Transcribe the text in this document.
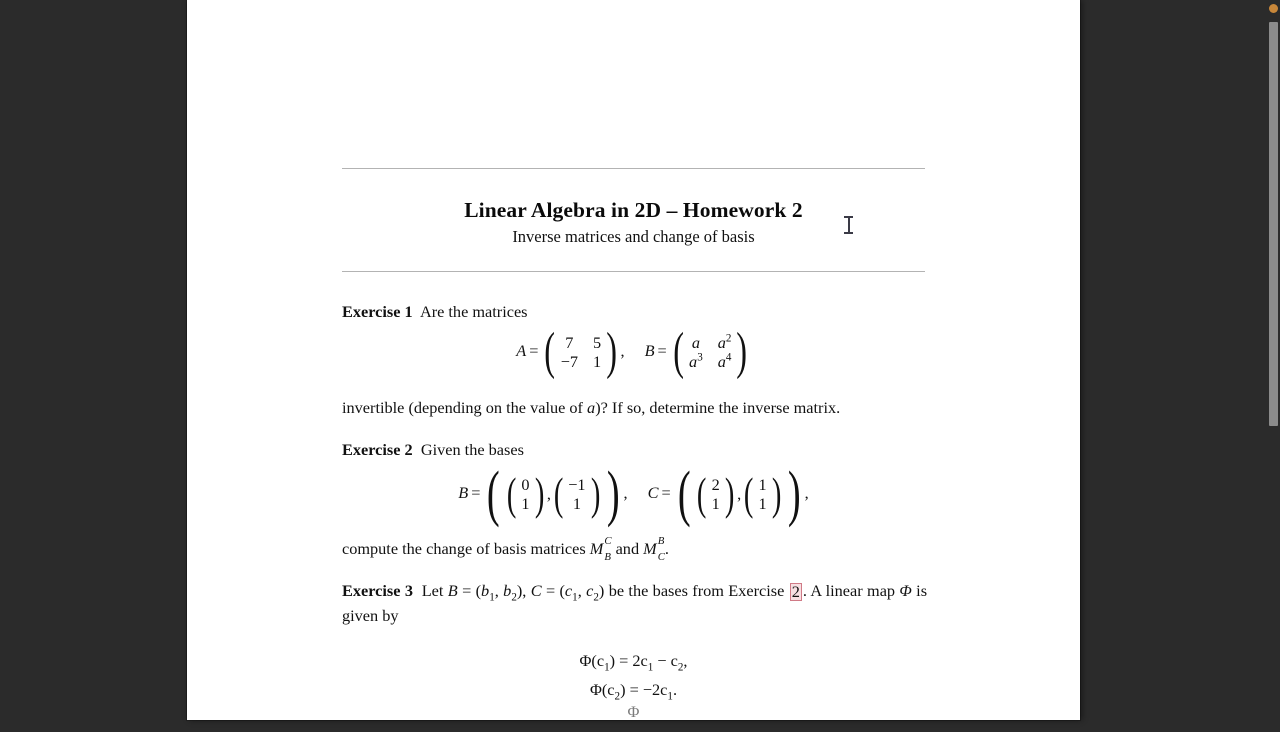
Linear Algebra in 2D – Homework 2
Inverse matrices and change of basis
Exercise 1 Are the matrices
A = ( 7 5
−7 1 ) , B = ( a $a^2$
$a^3$ $a^4$ )
invertible (depending on the value of a)? If so, determine the inverse matrix.
Exercise 2 Given the bases
B = ( ( 0
1 ) , ( −1
1 ) ) , C = ( ( 2
1 ) , ( 1
1 ) ) ,
compute the change of basis matrices M C
B and M B
C .
Exercise 3 Let $B = (b_1$, $b_2$), $C = (c_1$, $c_2$) be the bases from Exercise 2 . A linear map Φ is given by
$\Phi(c_1) = 2c_1 - c_2$,
$\Phi(c_2) = -2c_1$.
Φ
